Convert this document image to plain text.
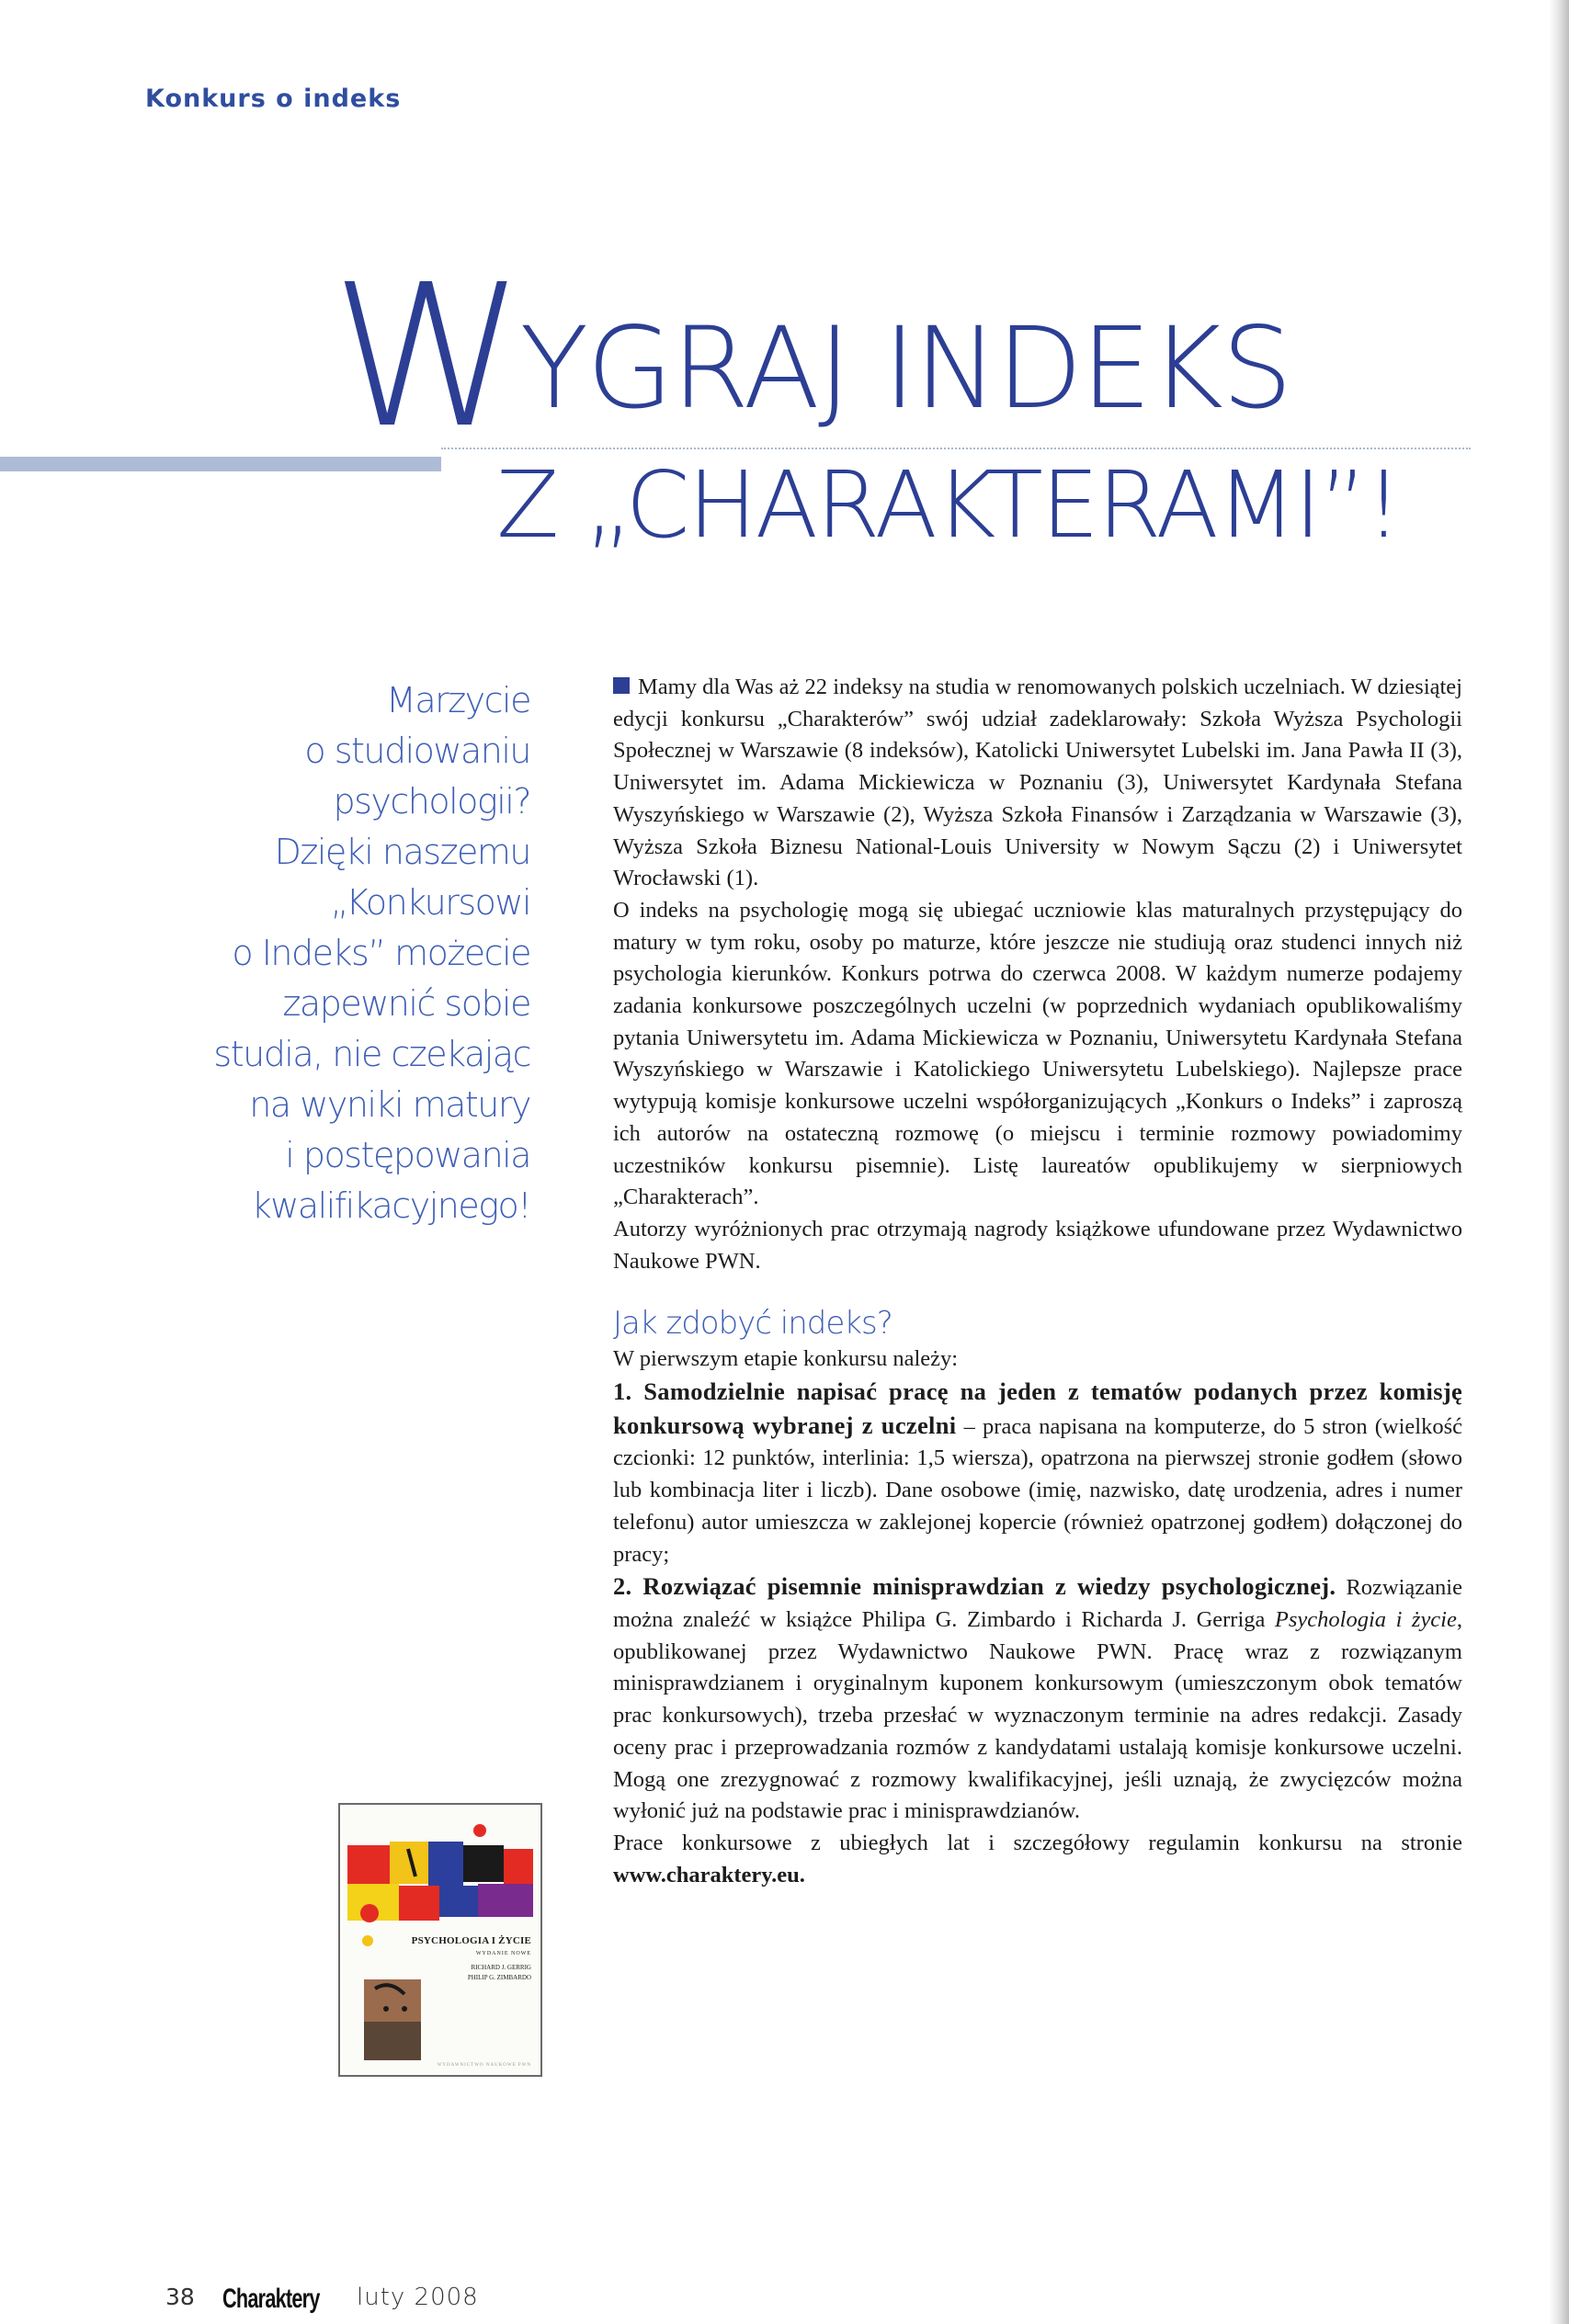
Konkurs o indeks

WYGRAJ INDEKS
Z „CHARAKTERAMI”!

Marzycie
o studiowaniu
psychologii?
Dzięki naszemu
„Konkursowi
o Indeks” możecie
zapewnić sobie
studia, nie czekając
na wyniki matury
i postępowania
kwalifikacyjnego!

Mamy dla Was aż 22 indeksy na studia w renomowanych polskich uczelniach. W dziesiątej edycji konkursu „Charakterów” swój udział zadeklarowały: Szkoła Wyższa Psychologii Społecznej w Warszawie (8 indeksów), Katolicki Uniwersytet Lubelski im. Jana Pawła II (3), Uniwersytet im. Adama Mickiewicza w Poznaniu (3), Uniwersytet Kardynała Stefana Wyszyńskiego w Warszawie (2), Wyższa Szkoła Finansów i Zarządzania w Warszawie (3), Wyższa Szkoła Biznesu National-Louis University w Nowym Sączu (2) i Uniwersytet Wrocławski (1).

O indeks na psychologię mogą się ubiegać uczniowie klas maturalnych przystępujący do matury w tym roku, osoby po maturze, które jeszcze nie studiują oraz studenci innych niż psychologia kierunków. Konkurs potrwa do czerwca 2008. W każdym numerze podajemy zadania konkursowe poszczególnych uczelni (w poprzednich wydaniach opublikowaliśmy pytania Uniwersytetu im. Adama Mickiewicza w Poznaniu, Uniwersytetu Kardynała Stefana Wyszyńskiego w Warszawie i Katolickiego Uniwersytetu Lubelskiego). Najlepsze prace wytypują komisje konkursowe uczelni współorganizujących „Konkurs o Indeks” i zaproszą ich autorów na ostateczną rozmowę (o miejscu i terminie rozmowy powiadomimy uczestników konkursu pisemnie). Listę laureatów opublikujemy w sierpniowych „Charakterach”.

Autorzy wyróżnionych prac otrzymają nagrody książkowe ufundowane przez Wydawnictwo Naukowe PWN.

Jak zdobyć indeks?

W pierwszym etapie konkursu należy:

1. Samodzielnie napisać pracę na jeden z tematów podanych przez komisję konkursową wybranej z uczelni – praca napisana na komputerze, do 5 stron (wielkość czcionki: 12 punktów, interlinia: 1,5 wiersza), opatrzona na pierwszej stronie godłem (słowo lub kombinacja liter i liczb). Dane osobowe (imię, nazwisko, datę urodzenia, adres i numer telefonu) autor umieszcza w zaklejonej kopercie (również opatrzonej godłem) dołączonej do pracy;

2. Rozwiązać pisemnie minisprawdzian z wiedzy psychologicznej. Rozwiązanie można znaleźć w książce Philipa G. Zimbardo i Richarda J. Gerriga Psychologia i życie, opublikowanej przez Wydawnictwo Naukowe PWN. Pracę wraz z rozwiązanym minisprawdzianem i oryginalnym kuponem konkursowym (umieszczonym obok tematów prac konkursowych), trzeba przesłać w wyznaczonym terminie na adres redakcji. Zasady oceny prac i przeprowadzania rozmów z kandydatami ustalają komisje konkursowe uczelni. Mogą one zrezygnować z rozmowy kwalifikacyjnej, jeśli uznają, że zwycięzców można wyłonić już na podstawie prac i minisprawdzianów.

Prace konkursowe z ubiegłych lat i szczegółowy regulamin konkursu na stronie www.charaktery.eu.

PSYCHOLOGIA I ŻYCIE

WYDANIE NOWE

RICHARD J. GERRIG
PHILIP G. ZIMBARDO

WYDAWNICTWO NAUKOWE PWN

38 Charaktery luty 2008
